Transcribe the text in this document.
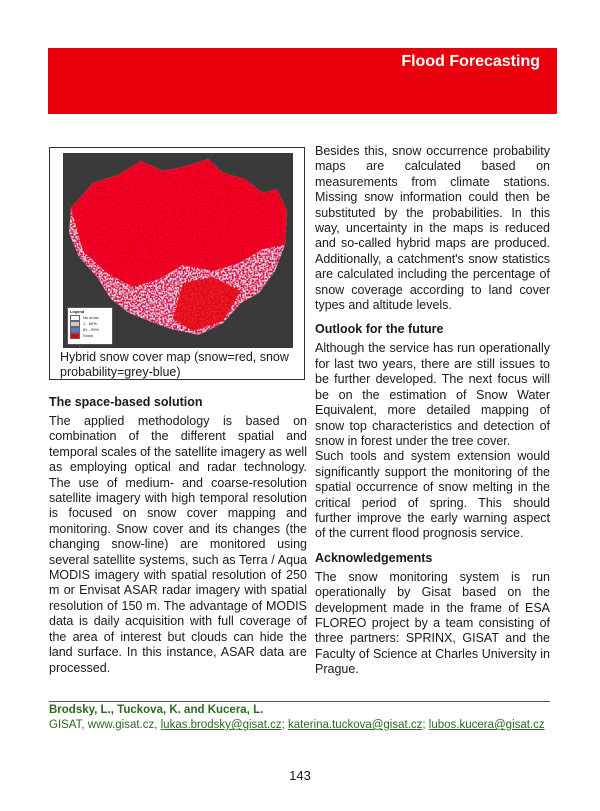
Flood Forecasting
Legend
No snow
1 - 80%
81 - 99%
Snow
Hybrid snow cover map (snow=red, snow probability=grey-blue)
The space-based solution

The applied methodology is based on combination of the different spatial and temporal scales of the satellite imagery as well as employing optical and radar technology. The use of medium- and coarse-resolution satellite imagery with high temporal resolution is focused on snow cover mapping and monitoring. Snow cover and its changes (the changing snow-line) are monitored using several satellite systems, such as Terra / Aqua MODIS imagery with spatial resolution of 250 m or Envisat ASAR radar imagery with spatial resolution of 150 m. The advantage of MODIS data is daily acquisition with full coverage of the area of interest but clouds can hide the land surface. In this instance, ASAR data are processed.

Besides this, snow occurrence probability maps are calculated based on measurements from climate stations. Missing snow information could then be substituted by the probabilities. In this way, uncertainty in the maps is reduced and so-called hybrid maps are produced. Additionally, a catchment's snow statistics are calculated including the percentage of snow coverage according to land cover types and altitude levels.

Outlook for the future

Although the service has run operationally for last two years, there are still issues to be further developed. The next focus will be on the estimation of Snow Water Equivalent, more detailed mapping of snow top characteristics and detection of snow in forest under the tree cover.

Such tools and system extension would significantly support the monitoring of the spatial occurrence of snow melting in the critical period of spring. This should further improve the early warning aspect of the current flood prognosis service.

Acknowledgements

The snow monitoring system is run operationally by Gisat based on the development made in the frame of ESA FLOREO project by a team consisting of three partners: SPRINX, GISAT and the Faculty of Science at Charles University in Prague.

Brodsky, L., Tuckova, K. and Kucera, L.
GISAT, www.gisat.cz, lukas.brodsky@gisat.cz; katerina.tuckova@gisat.cz; lubos.kucera@gisat.cz
143
